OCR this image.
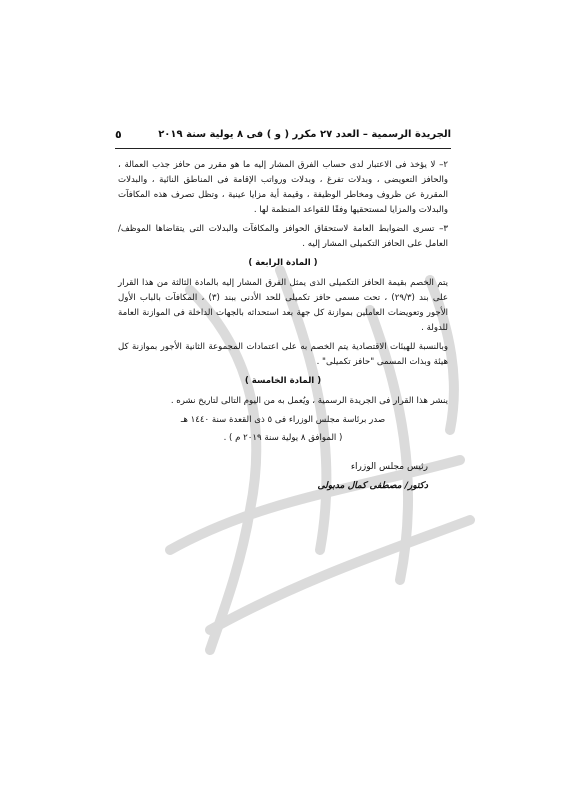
الجريدة الرسمية – العدد ٢٧ مكرر ( و ) فى ٨ يولية سنة ٢٠١٩
٥

٢– لا يؤخذ فى الاعتبار لدى حساب الفرق المشار إليه ما هو مقرر من حافز جذب العمالة ، والحافز التعويضى ، وبدلات تفرغ ، وبدلات ورواتب الإقامة فى المناطق النائية ، والبدلات المقررة عن ظروف ومخاطر الوظيفة ، وقيمة أية مزايا عينية ، وتظل تصرف هذه المكافآت والبدلات والمزايا لمستحقيها وفقًا للقواعد المنظمة لها .

٣– تسرى الضوابط العامة لاستحقاق الحوافز والمكافآت والبدلات التى يتقاضاها الموظف/ العامل على الحافز التكميلى المشار إليه .

( المادة الرابعة )

يتم الخصم بقيمة الحافز التكميلى الذى يمثل الفرق المشار إليه بالمادة الثالثة من هذا القرار على بند (٢٩/٣) ، تحت مسمى حافز تكميلى للحد الأدنى ببند (٣) ، المكافآت بالباب الأول الأجور وتعويضات العاملين بموازنة كل جهة بعد استحداثه بالجهات الداخلة فى الموازنة العامة للدولة .

وبالنسبة للهيئات الاقتصادية يتم الخصم به على اعتمادات المجموعة الثانية الأجور بموازنة كل هيئة وبذات المسمى "حافز تكميلى" .

( المادة الخامسة )

ينشر هذا القرار فى الجريدة الرسمية ، ويُعمل به من اليوم التالى لتاريخ نشره .

صدر برئاسة مجلس الوزراء فى ٥ ذى القعدة سنة ١٤٤٠ هـ
( الموافق ٨ يولية سنة ٢٠١٩ م ) .
رئيس مجلس الوزراء
دكتور/ مصطفى كمال مدبولى
